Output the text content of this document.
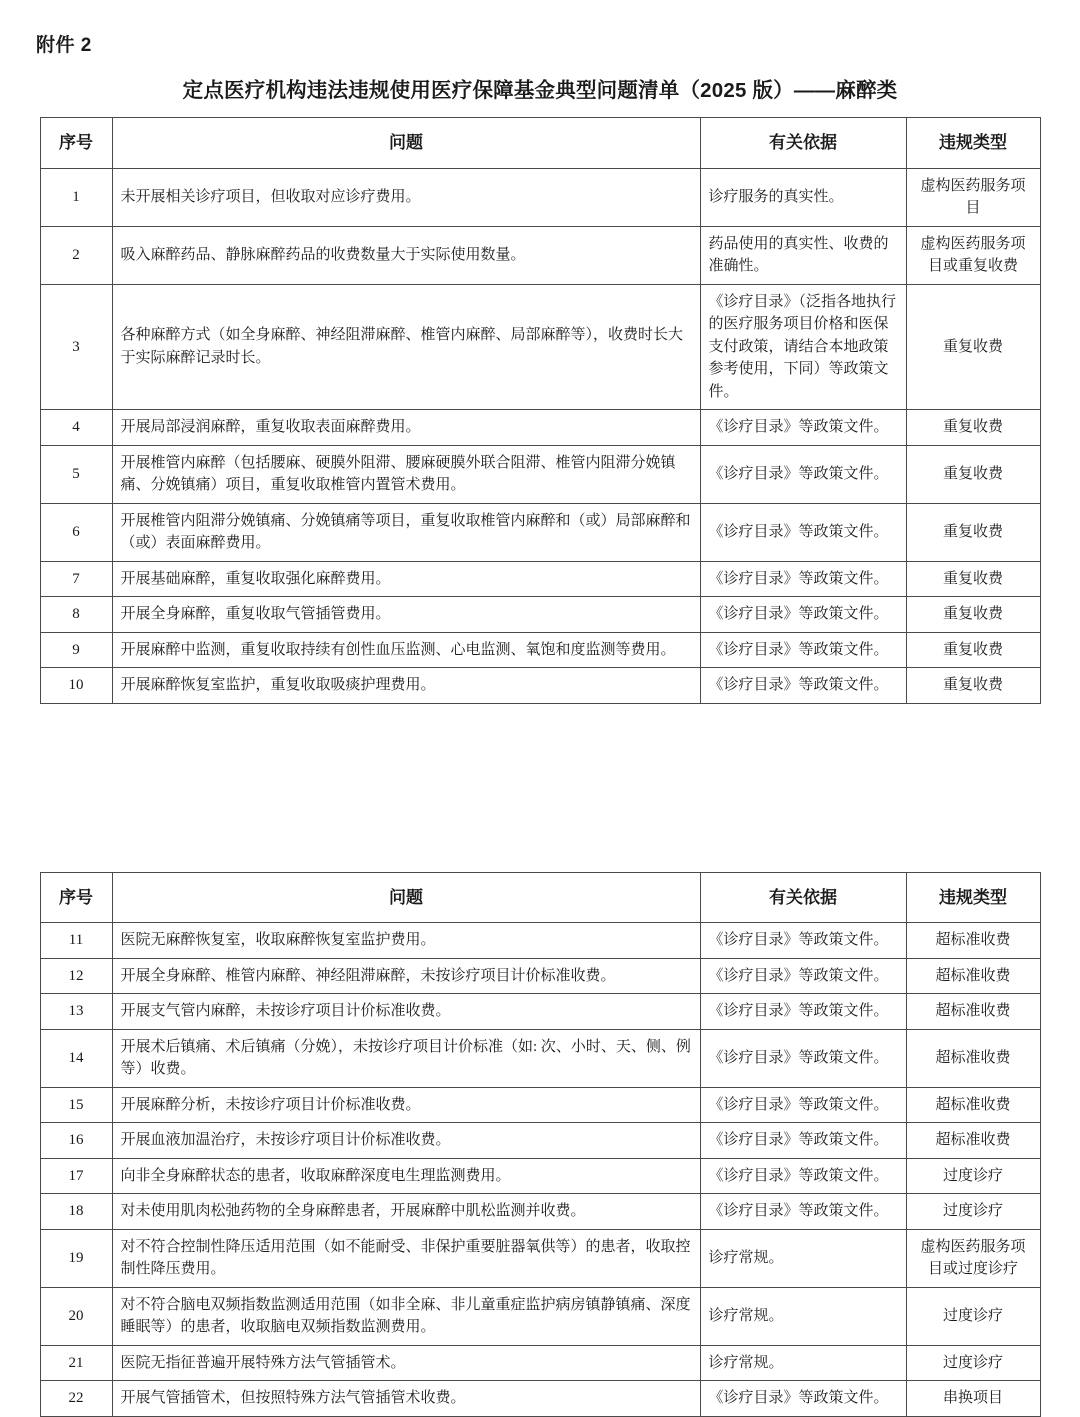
附件 2
定点医疗机构违法违规使用医疗保障基金典型问题清单（2025 版）——麻醉类
序号	问题	有关依据	违规类型
1	未开展相关诊疗项目，但收取对应诊疗费用。	诊疗服务的真实性。	虚构医药服务项目
2	吸入麻醉药品、静脉麻醉药品的收费数量大于实际使用数量。	药品使用的真实性、收费的准确性。	虚构医药服务项目或重复收费
3	各种麻醉方式（如全身麻醉、神经阻滞麻醉、椎管内麻醉、局部麻醉等），收费时长大于实际麻醉记录时长。	《诊疗目录》（泛指各地执行的医疗服务项目价格和医保支付政策，请结合本地政策参考使用，下同）等政策文件。	重复收费
4	开展局部浸润麻醉，重复收取表面麻醉费用。	《诊疗目录》等政策文件。	重复收费
5	开展椎管内麻醉（包括腰麻、硬膜外阻滞、腰麻硬膜外联合阻滞、椎管内阻滞分娩镇痛、分娩镇痛）项目，重复收取椎管内置管术费用。	《诊疗目录》等政策文件。	重复收费
6	开展椎管内阻滞分娩镇痛、分娩镇痛等项目，重复收取椎管内麻醉和（或）局部麻醉和（或）表面麻醉费用。	《诊疗目录》等政策文件。	重复收费
7	开展基础麻醉，重复收取强化麻醉费用。	《诊疗目录》等政策文件。	重复收费
8	开展全身麻醉，重复收取气管插管费用。	《诊疗目录》等政策文件。	重复收费
9	开展麻醉中监测，重复收取持续有创性血压监测、心电监测、氧饱和度监测等费用。	《诊疗目录》等政策文件。	重复收费
10	开展麻醉恢复室监护，重复收取吸痰护理费用。	《诊疗目录》等政策文件。	重复收费
序号	问题	有关依据	违规类型
11	医院无麻醉恢复室，收取麻醉恢复室监护费用。	《诊疗目录》等政策文件。	超标准收费
12	开展全身麻醉、椎管内麻醉、神经阻滞麻醉，未按诊疗项目计价标准收费。	《诊疗目录》等政策文件。	超标准收费
13	开展支气管内麻醉，未按诊疗项目计价标准收费。	《诊疗目录》等政策文件。	超标准收费
14	开展术后镇痛、术后镇痛（分娩），未按诊疗项目计价标准（如: 次、小时、天、侧、例等）收费。	《诊疗目录》等政策文件。	超标准收费
15	开展麻醉分析，未按诊疗项目计价标准收费。	《诊疗目录》等政策文件。	超标准收费
16	开展血液加温治疗，未按诊疗项目计价标准收费。	《诊疗目录》等政策文件。	超标准收费
17	向非全身麻醉状态的患者，收取麻醉深度电生理监测费用。	《诊疗目录》等政策文件。	过度诊疗
18	对未使用肌肉松弛药物的全身麻醉患者，开展麻醉中肌松监测并收费。	《诊疗目录》等政策文件。	过度诊疗
19	对不符合控制性降压适用范围（如不能耐受、非保护重要脏器氧供等）的患者，收取控制性降压费用。	诊疗常规。	虚构医药服务项目或过度诊疗
20	对不符合脑电双频指数监测适用范围（如非全麻、非儿童重症监护病房镇静镇痛、深度睡眠等）的患者，收取脑电双频指数监测费用。	诊疗常规。	过度诊疗
21	医院无指征普遍开展特殊方法气管插管术。	诊疗常规。	过度诊疗
22	开展气管插管术，但按照特殊方法气管插管术收费。	《诊疗目录》等政策文件。	串换项目
